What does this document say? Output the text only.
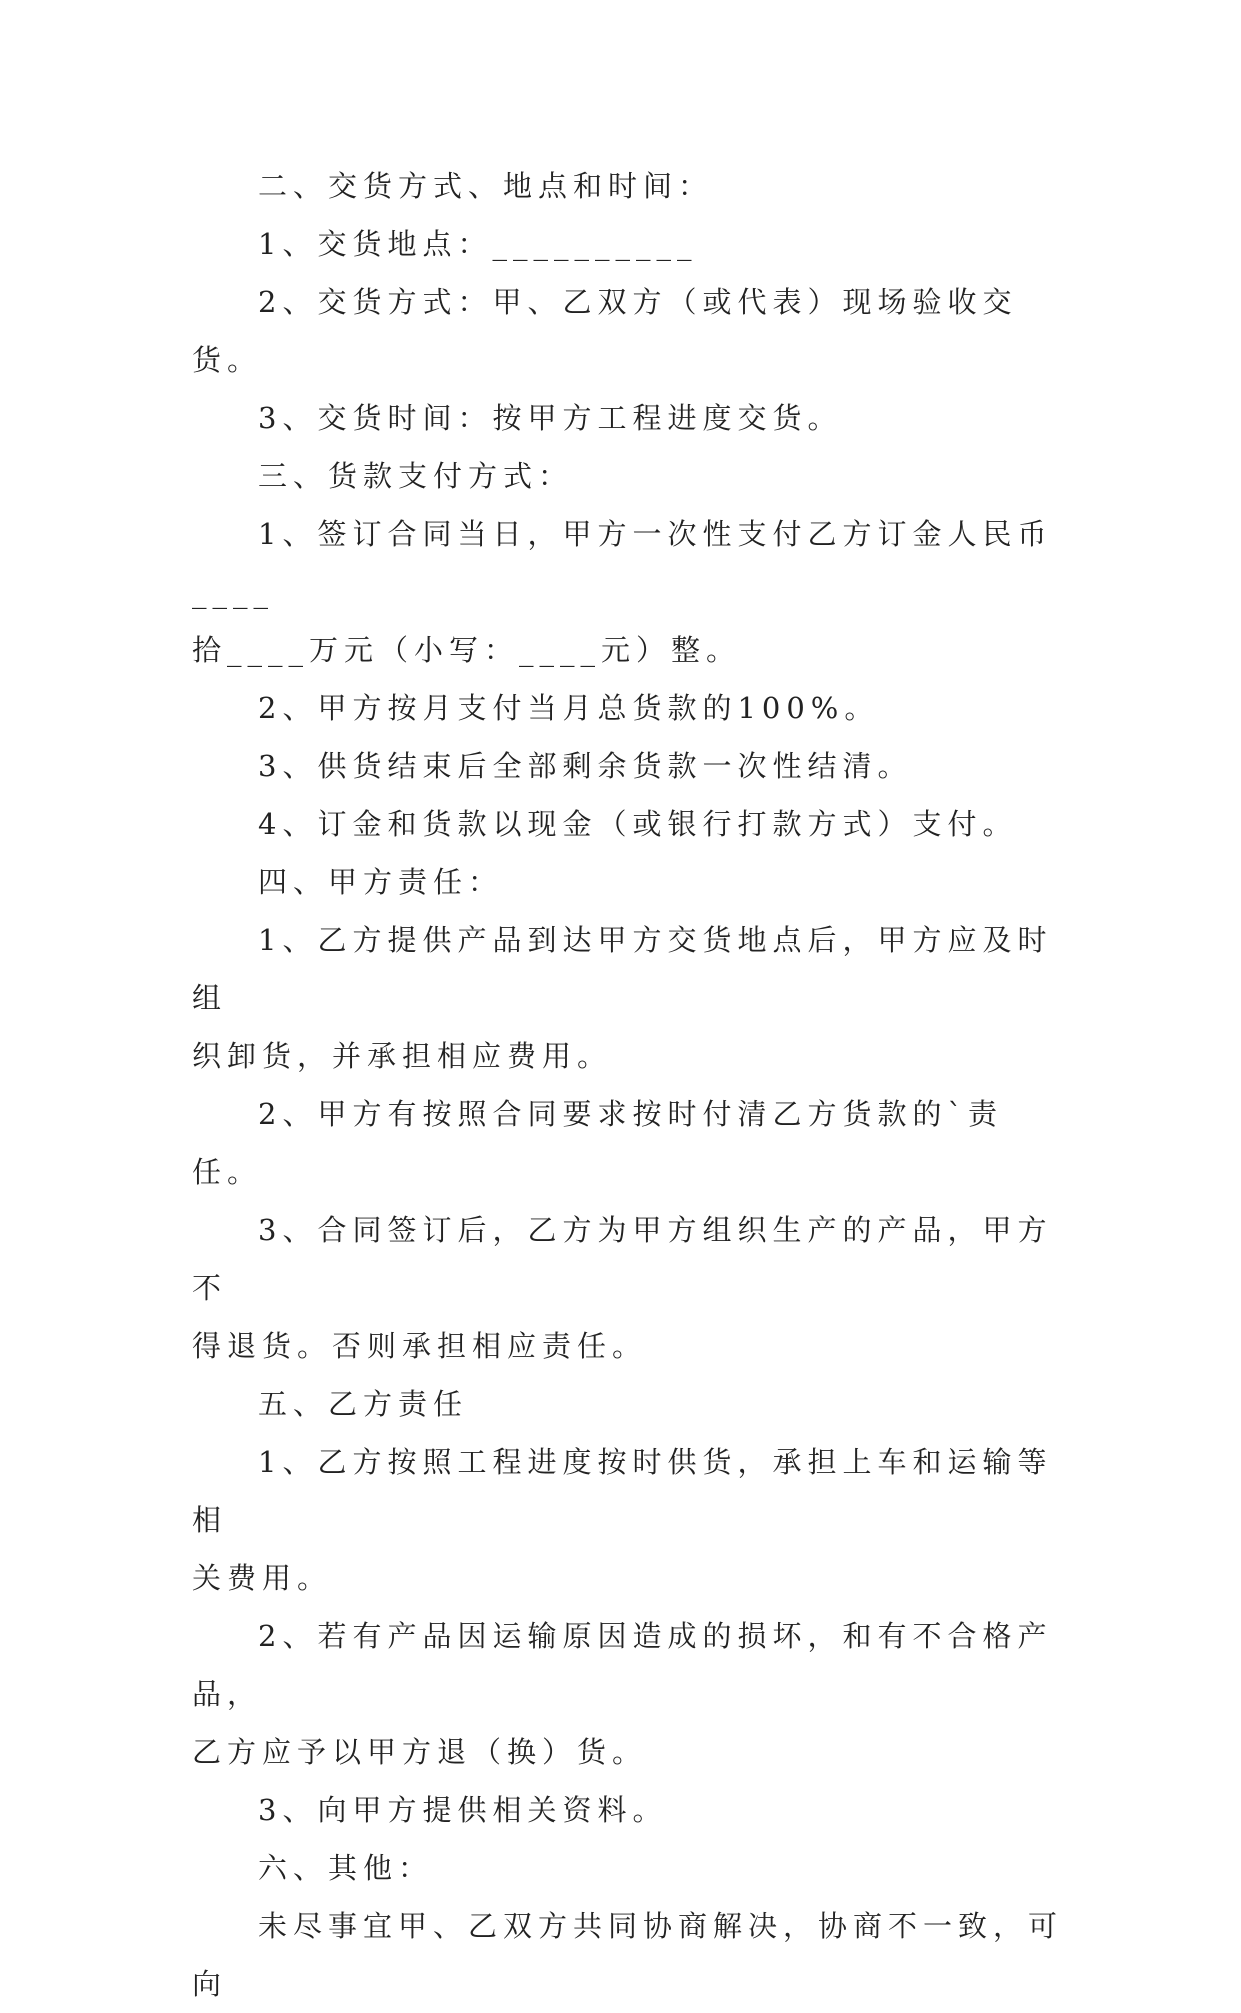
二、交货方式、地点和时间：

1、交货地点：__________

2、交货方式：甲、乙双方（或代表）现场验收交货。

3、交货时间：按甲方工程进度交货。

三、货款支付方式：

1、签订合同当日，甲方一次性支付乙方订金人民币____

拾____万元（小写：____元）整。

2、甲方按月支付当月总货款的100%。

3、供货结束后全部剩余货款一次性结清。

4、订金和货款以现金（或银行打款方式）支付。

四、甲方责任：

1、乙方提供产品到达甲方交货地点后，甲方应及时组

织卸货，并承担相应费用。

2、甲方有按照合同要求按时付清乙方货款的`责任。

3、合同签订后，乙方为甲方组织生产的产品，甲方不

得退货。否则承担相应责任。

五、乙方责任

1、乙方按照工程进度按时供货，承担上车和运输等相

关费用。

2、若有产品因运输原因造成的损坏，和有不合格产品，

乙方应予以甲方退（换）货。

3、向甲方提供相关资料。

六、其他：

未尽事宜甲、乙双方共同协商解决，协商不一致，可向
